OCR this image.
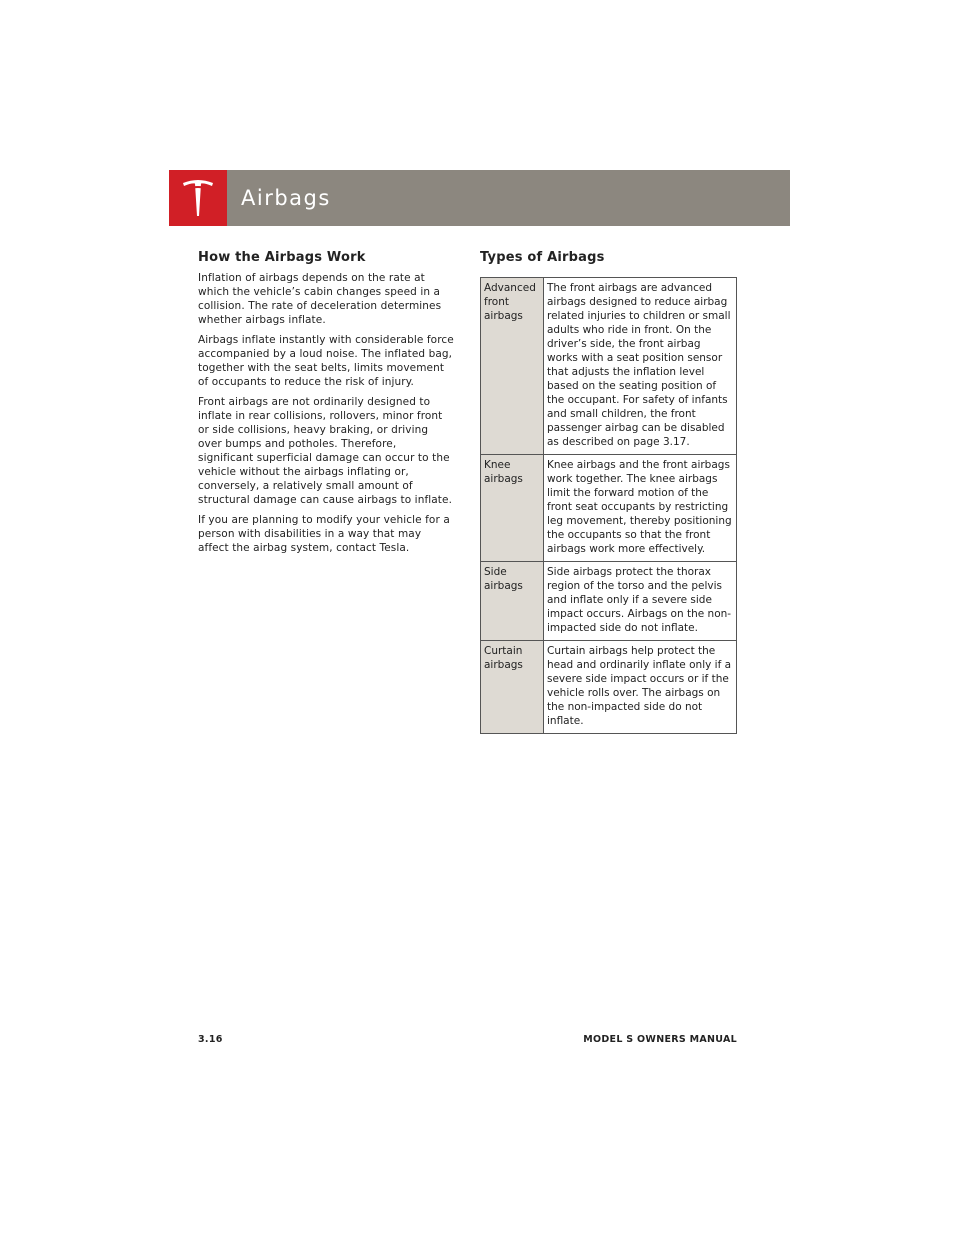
Airbags
How the Airbags Work

Inflation of airbags depends on the rate at which the vehicle’s cabin changes speed in a collision. The rate of deceleration determines whether airbags inflate.

Airbags inflate instantly with considerable force accompanied by a loud noise. The inflated bag, together with the seat belts, limits movement of occupants to reduce the risk of injury.

Front airbags are not ordinarily designed to inflate in rear collisions, rollovers, minor front or side collisions, heavy braking, or driving over bumps and potholes. Therefore, significant superficial damage can occur to the vehicle without the airbags inflating or, conversely, a relatively small amount of structural damage can cause airbags to inflate.

If you are planning to modify your vehicle for a person with disabilities in a way that may affect the airbag system, contact Tesla.

Types of Airbags
Advanced front airbags	The front airbags are advanced airbags designed to reduce airbag related injuries to children or small adults who ride in front. On the driver’s side, the front airbag works with a seat position sensor that adjusts the inflation level based on the seating position of the occupant. For safety of infants and small children, the front passenger airbag can be disabled as described on page 3.17.
Knee airbags	Knee airbags and the front airbags work together. The knee airbags limit the forward motion of the front seat occupants by restricting leg movement, thereby positioning the occupants so that the front airbags work more effectively.
Side airbags	Side airbags protect the thorax region of the torso and the pelvis and inflate only if a severe side impact occurs. Airbags on the non-impacted side do not inflate.
Curtain airbags	Curtain airbags help protect the head and ordinarily inflate only if a severe side impact occurs or if the vehicle rolls over. The airbags on the non-impacted side do not inflate.
3.16	MODEL S OWNERS MANUAL
